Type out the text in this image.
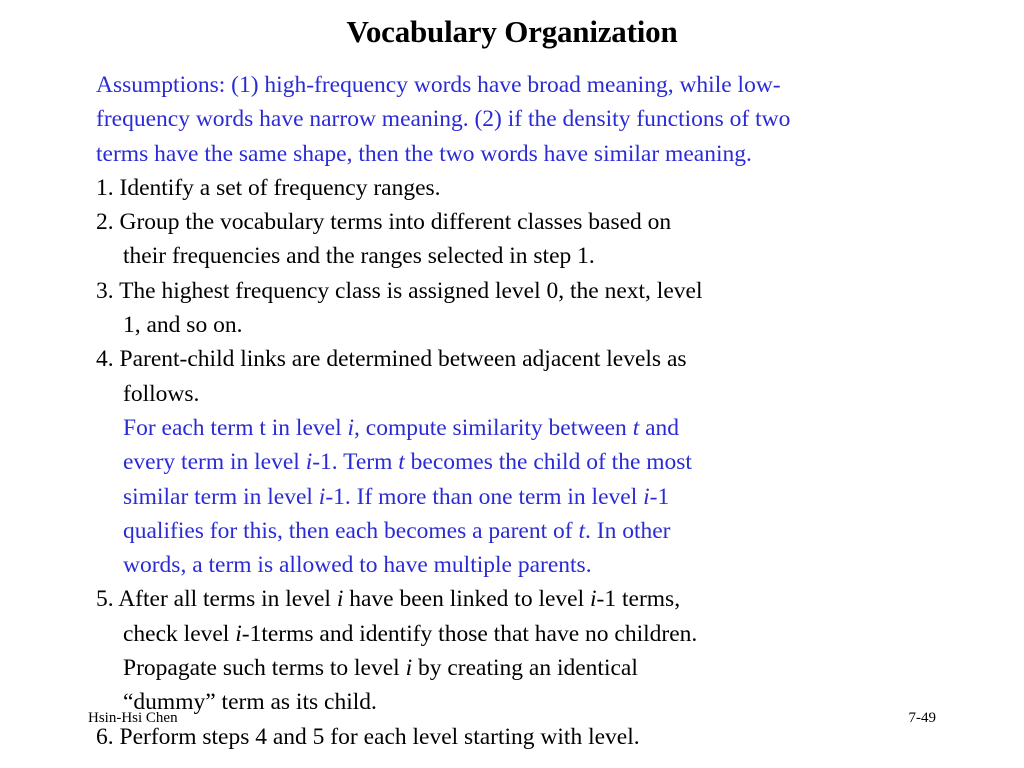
Vocabulary Organization
Assumptions: (1) high-frequency words have broad meaning, while low-
frequency words have narrow meaning. (2) if the density functions of two
terms have the same shape, then the two words have similar meaning.
1. Identify a set of frequency ranges.
2. Group the vocabulary terms into different classes based on
their frequencies and the ranges selected in step 1.
3. The highest frequency class is assigned level 0, the next, level
1, and so on.
4. Parent-child links are determined between adjacent levels as
follows.
For each term t in level i, compute similarity between t and
every term in level i-1. Term t becomes the child of the most
similar term in level i-1. If more than one term in level i-1
qualifies for this, then each becomes a parent of t. In other
words, a term is allowed to have multiple parents.
5. After all terms in level i have been linked to level i-1 terms,
check level i-1terms and identify those that have no children.
Propagate such terms to level i by creating an identical
“dummy” term as its child.
6. Perform steps 4 and 5 for each level starting with level.
Hsin-Hsi Chen	7-49
